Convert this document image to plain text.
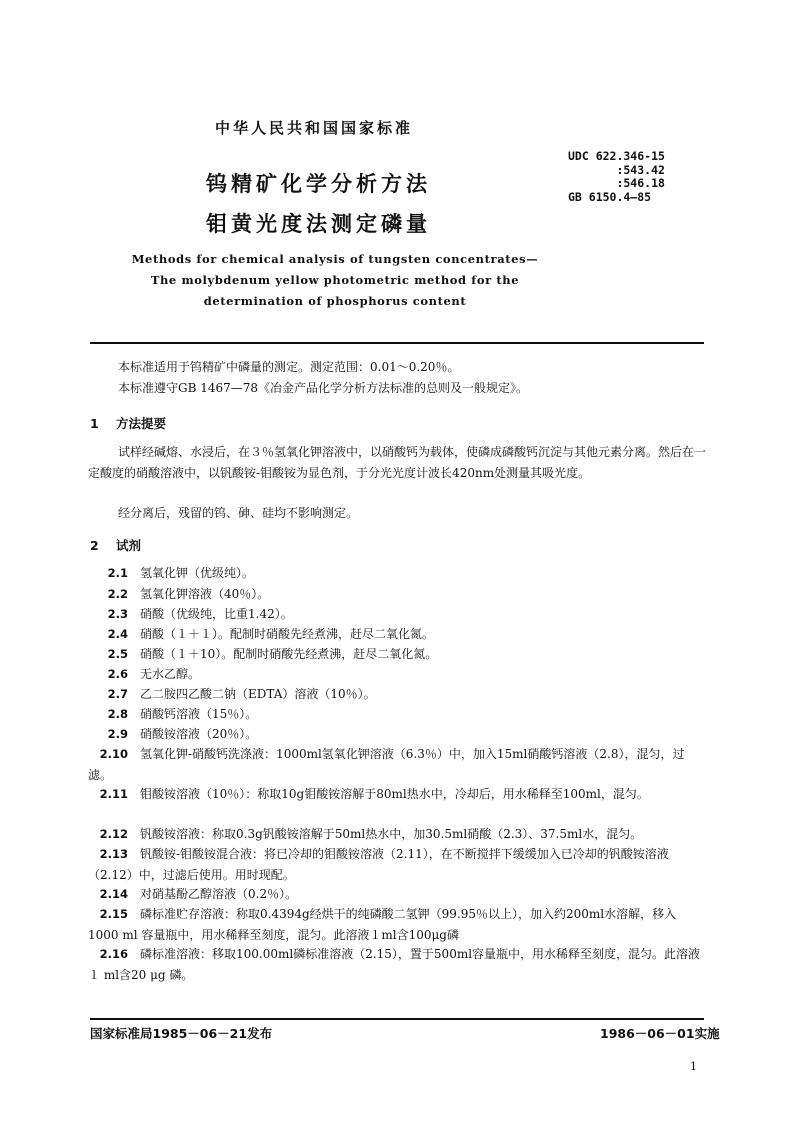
中华人民共和国国家标准
钨精矿化学分析方法
钼黄光度法测定磷量
UDC 622.346-15
:543.42
:546.18
GB 6150.4—85
Methods for chemical analysis of tungsten concentrates—
The molybdenum yellow photometric method for the
determination of phosphorus content
本标准适用于钨精矿中磷量的测定。测定范围：0.01～0.20％。
本标准遵守GB 1467—78《冶金产品化学分析方法标准的总则及一般规定》。
1 方法提要
试样经碱熔、水浸后，在３％氢氧化钾溶液中，以硝酸钙为载体，使磷成磷酸钙沉淀与其他元素分离。然后在一定酸度的硝酸溶液中，以钒酸铵-钼酸铵为显色剂，于分光光度计波长420nm处测量其吸光度。
经分离后，残留的钨、砷、硅均不影响测定。
2 试剂
2.1 氢氧化钾（优级纯）。
2.2 氢氧化钾溶液（40％）。
2.3 硝酸（优级纯，比重1.42）。
2.4 硝酸（１＋１）。配制时硝酸先经煮沸，赶尽二氧化氮。
2.5 硝酸（１＋10）。配制时硝酸先经煮沸，赶尽二氧化氮。
2.6 无水乙醇。
2.7 乙二胺四乙酸二钠（EDTA）溶液（10％）。
2.8 硝酸钙溶液（15％）。
2.9 硝酸铵溶液（20％）。
2.10 氢氧化钾-硝酸钙洗涤液：1000ml氢氧化钾溶液（6.3％）中，加入15ml硝酸钙溶液（2.8），混匀，过滤。
2.11 钼酸铵溶液（10％）：称取10g钼酸铵溶解于80ml热水中，冷却后，用水稀释至100ml，混匀。
2.12 钒酸铵溶液：称取0.3g钒酸铵溶解于50ml热水中，加30.5ml硝酸（2.3）、37.5ml水，混匀。
2.13 钒酸铵-钼酸铵混合液：将已冷却的钼酸铵溶液（2.11），在不断搅拌下缓缓加入已冷却的钒酸铵溶液（2.12）中，过滤后使用。用时现配。
2.14 对硝基酚乙醇溶液（0.2％）。
2.15 磷标准贮存溶液：称取0.4394g经烘干的纯磷酸二氢钾（99.95％以上），加入约200ml水溶解，移入1000 ml 容量瓶中，用水稀释至刻度，混匀。此溶液１ml含100μg磷
2.16 磷标准溶液：移取100.00ml磷标准溶液（2.15），置于500ml容量瓶中，用水稀释至刻度，混匀。此溶液１ ml含20 μg 磷。
国家标准局1985－06－21发布	1986－06－01实施
1
